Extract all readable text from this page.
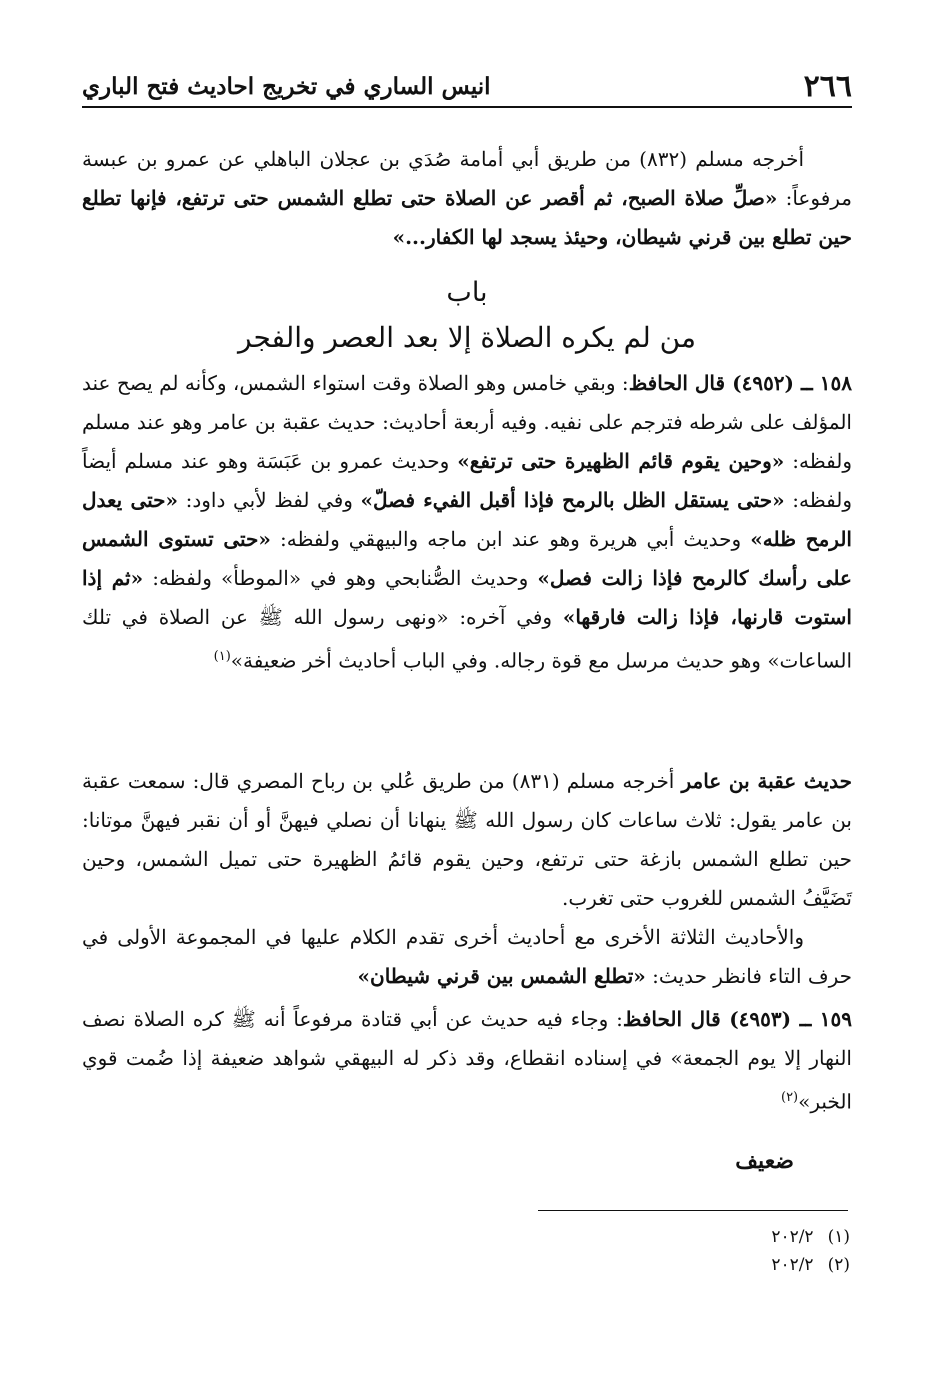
٢٦٦
انيس الساري في تخريج احاديث فتح الباري
أخرجه مسلم (٨٣٢) من طريق أبي أمامة صُدَي بن عجلان الباهلي عن عمرو بن عبسة مرفوعاً: «صلِّ صلاة الصبح، ثم أقصر عن الصلاة حتى تطلع الشمس حتى ترتفع، فإنها تطلع حين تطلع بين قرني شيطان، وحيئذ يسجد لها الكفار...»
باب
من لم يكره الصلاة إلا بعد العصر والفجر
١٥٨ ــ (٤٩٥٢) قال الحافظ: وبقي خامس وهو الصلاة وقت استواء الشمس، وكأنه لم يصح عند المؤلف على شرطه فترجم على نفيه. وفيه أربعة أحاديث: حديث عقبة بن عامر وهو عند مسلم ولفظه: «وحين يقوم قائم الظهيرة حتى ترتفع» وحديث عمرو بن عَبَسَة وهو عند مسلم أيضاً ولفظه: «حتى يستقل الظل بالرمح فإذا أقبل الفيء فصلّ» وفي لفظ لأبي داود: «حتى يعدل الرمح ظله» وحديث أبي هريرة وهو عند ابن ماجه والبيهقي ولفظه: «حتى تستوى الشمس على رأسك كالرمح فإذا زالت فصل» وحديث الصُّنابحي وهو في «الموطأ» ولفظه: «ثم إذا استوت قارنها، فإذا زالت فارقها» وفي آخره: «ونهى رسول الله ﷺ عن الصلاة في تلك الساعات» وهو حديث مرسل مع قوة رجاله. وفي الباب أحاديث أخر ضعيفة»$^{(١)}$
حديث عقبة بن عامر أخرجه مسلم (٨٣١) من طريق عُلي بن رباح المصري قال: سمعت عقبة بن عامر يقول: ثلاث ساعات كان رسول الله ﷺ ينهانا أن نصلي فيهنَّ أو أن نقبر فيهنَّ موتانا: حين تطلع الشمس بازغة حتى ترتفع، وحين يقوم قائمُ الظهيرة حتى تميل الشمس، وحين تَضَيَّفُ الشمس للغروب حتى تغرب.
والأحاديث الثلاثة الأخرى مع أحاديث أخرى تقدم الكلام عليها في المجموعة الأولى في حرف التاء فانظر حديث: «تطلع الشمس بين قرني شيطان»
١٥٩ ــ (٤٩٥٣) قال الحافظ: وجاء فيه حديث عن أبي قتادة مرفوعاً أنه ﷺ كره الصلاة نصف النهار إلا يوم الجمعة» في إسناده انقطاع، وقد ذكر له البيهقي شواهد ضعيفة إذا ضُمت قوي الخبر»$^{(٢)}$
ضعيف
(١)٢٠٢/٢
(٢)٢٠٢/٢
